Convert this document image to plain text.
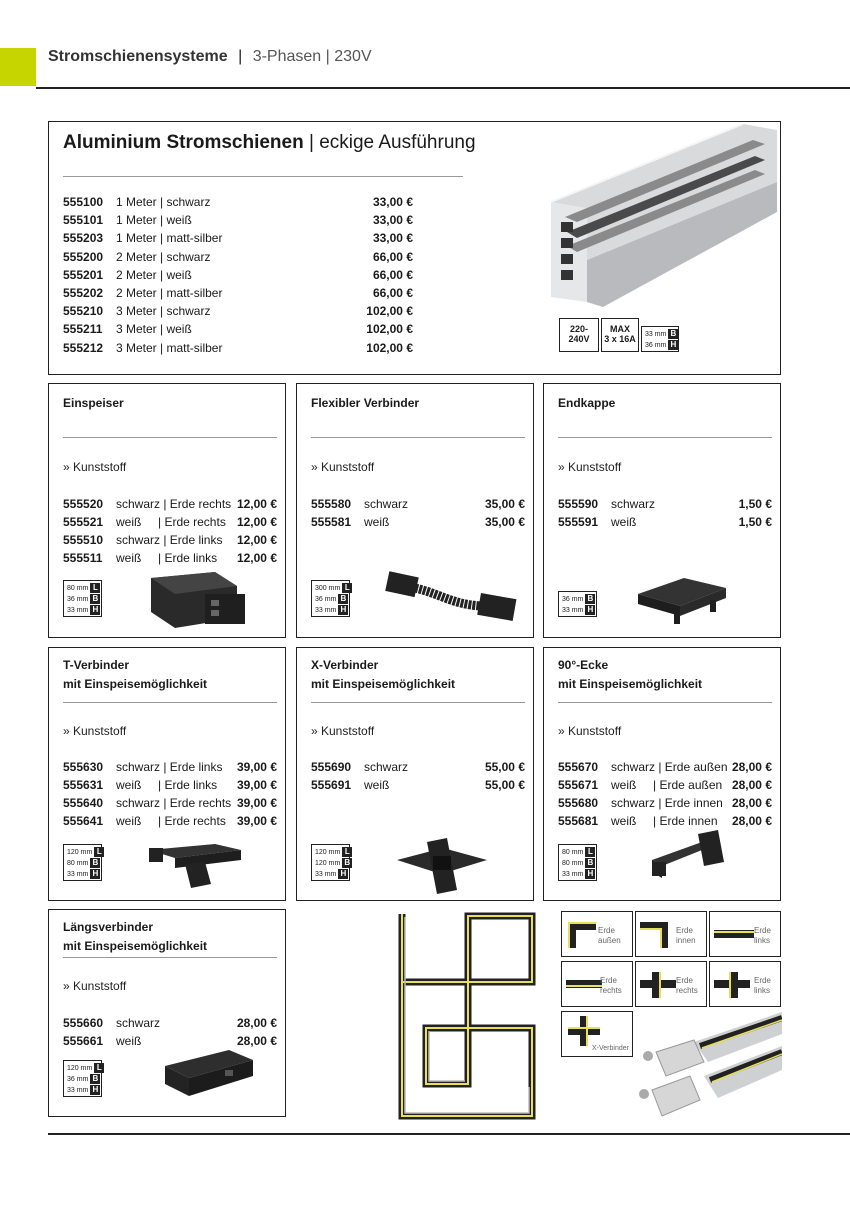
Stromschienensysteme | 3-Phasen | 230V
Aluminium Stromschienen | eckige Ausführung
555100 1 Meter | schwarz	33,00 €
555101 1 Meter | weiß	33,00 €
555203 1 Meter | matt-silber	33,00 €
555200 2 Meter | schwarz	66,00 €
555201 2 Meter | weiß	66,00 €
555202 2 Meter | matt-silber	66,00 €
555210 3 Meter | schwarz	102,00 €
555211 3 Meter | weiß	102,00 €
555212 3 Meter | matt-silber	102,00 €
220-
240V
MAX
3 x 16A	33 mm B
36 mm H
Einspeiser
» Kunststoff
555520 schwarz | Erde rechts 12,00 €
555521 weiß     | Erde rechts 12,00 €
555510 schwarz | Erde links 12,00 €
555511 weiß     | Erde links 12,00 €
80 mm L
36 mm B
33 mm H
Flexibler Verbinder
» Kunststoff
555580 schwarz	35,00 €
555581 weiß	35,00 €
300 mm L
36 mm B
33 mm H
Endkappe
» Kunststoff
555590 schwarz	1,50 €
555591 weiß	1,50 €
36 mm B
33 mm H
T-Verbinder
mit Einspeisemöglichkeit
» Kunststoff
555630 schwarz | Erde links 39,00 €
555631 weiß     | Erde links 39,00 €
555640 schwarz | Erde rechts 39,00 €
555641 weiß     | Erde rechts 39,00 €
120 mm L
80 mm B
33 mm H
X-Verbinder
mit Einspeisemöglichkeit
» Kunststoff
555690 schwarz	55,00 €
555691 weiß	55,00 €
120 mm L
120 mm B
33 mm H
90°-Ecke
mit Einspeisemöglichkeit
» Kunststoff
555670 schwarz | Erde außen 28,00 €
555671 weiß     | Erde außen 28,00 €
555680 schwarz | Erde innen 28,00 €
555681 weiß     | Erde innen 28,00 €
80 mm L
80 mm B
33 mm H
Längsverbinder
mit Einspeisemöglichkeit
» Kunststoff
555660 schwarz	28,00 €
555661 weiß	28,00 €
120 mm L
36 mm B
33 mm H
Erde
außen
Erde
innen
Erde
links
Erde
rechts
Erde
rechts
Erde
links
X-Verbinder
